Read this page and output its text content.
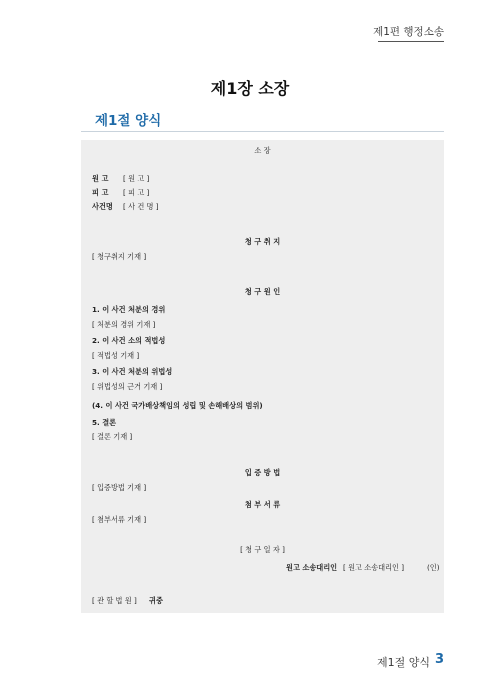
제1편 행정소송
제1장 소장
제1절 양식
소 장
원 고 [ 원 고 ]
피 고 [ 피 고 ]
사건명 [ 사 건 명 ]
청 구 취 지
[ 청구취지 기재 ]
청 구 원 인
1. 이 사건 처분의 경위
[ 처분의 경위 기재 ]
2. 이 사건 소의 적법성
[ 적법성 기재 ]
3. 이 사건 처분의 위법성
[ 위법성의 근거 기재 ]
(4. 이 사건 국가배상책임의 성립 및 손해배상의 범위)
5. 결론
[ 결론 기재 ]
입 증 방 법
[ 입증방법 기재 ]
첨 부 서 류
[ 첨부서류 기재 ]
[ 청 구 일 자 ]
원고 소송대리인 [ 원고 소송대리인 ]	(인)
[ 관 할 법 원 ] 귀중
제1절 양식 3
